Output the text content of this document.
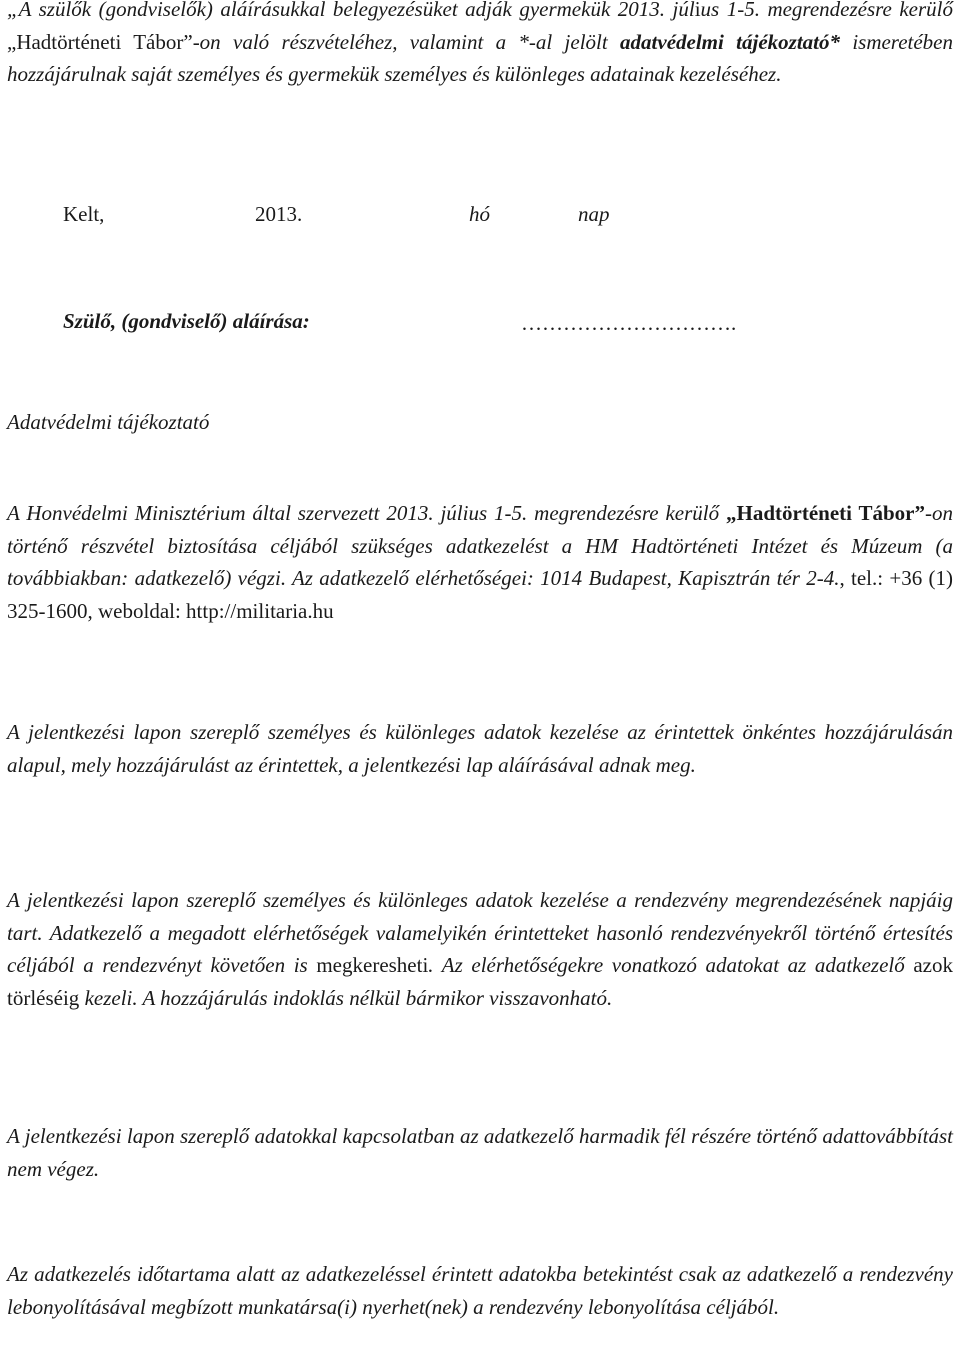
„A szülők (gondviselők) aláírásukkal belegyezésüket adják gyermekük 2013. július 1-5. megrendezésre kerülő „Hadtörténeti Tábor”-on való részvételéhez, valamint a *-al jelölt adatvédelmi tájékoztató* ismeretében hozzájárulnak saját személyes és gyermekük személyes és különleges adatainak kezeléséhez.

Kelt,	2013.	hó	nap
Szülő, (gondviselő) aláírása:	………………………….
Adatvédelmi tájékoztató

A Honvédelmi Minisztérium által szervezett 2013. július 1-5. megrendezésre kerülő „Hadtörténeti Tábor”-on történő részvétel biztosítása céljából szükséges adatkezelést a HM Hadtörténeti Intézet és Múzeum (a továbbiakban: adatkezelő) végzi. Az adatkezelő elérhetőségei: 1014 Budapest, Kapisztrán tér 2-4., tel.: +36 (1) 325-1600, weboldal: http://militaria.hu

A jelentkezési lapon szereplő személyes és különleges adatok kezelése az érintettek önkéntes hozzájárulásán alapul, mely hozzájárulást az érintettek, a jelentkezési lap aláírásával adnak meg.

A jelentkezési lapon szereplő személyes és különleges adatok kezelése a rendezvény megrendezésének napjáig tart. Adatkezelő a megadott elérhetőségek valamelyikén érintetteket hasonló rendezvényekről történő értesítés céljából a rendezvényt követően is megkeresheti. Az elérhetőségekre vonatkozó adatokat az adatkezelő azok törléséig kezeli. A hozzájárulás indoklás nélkül bármikor visszavonható.

A jelentkezési lapon szereplő adatokkal kapcsolatban az adatkezelő harmadik fél részére történő adattovábbítást nem végez.

Az adatkezelés időtartama alatt az adatkezeléssel érintett adatokba betekintést csak az adatkezelő a rendezvény lebonyolításával megbízott munkatársa(i) nyerhet(nek) a rendezvény lebonyolítása céljából.
